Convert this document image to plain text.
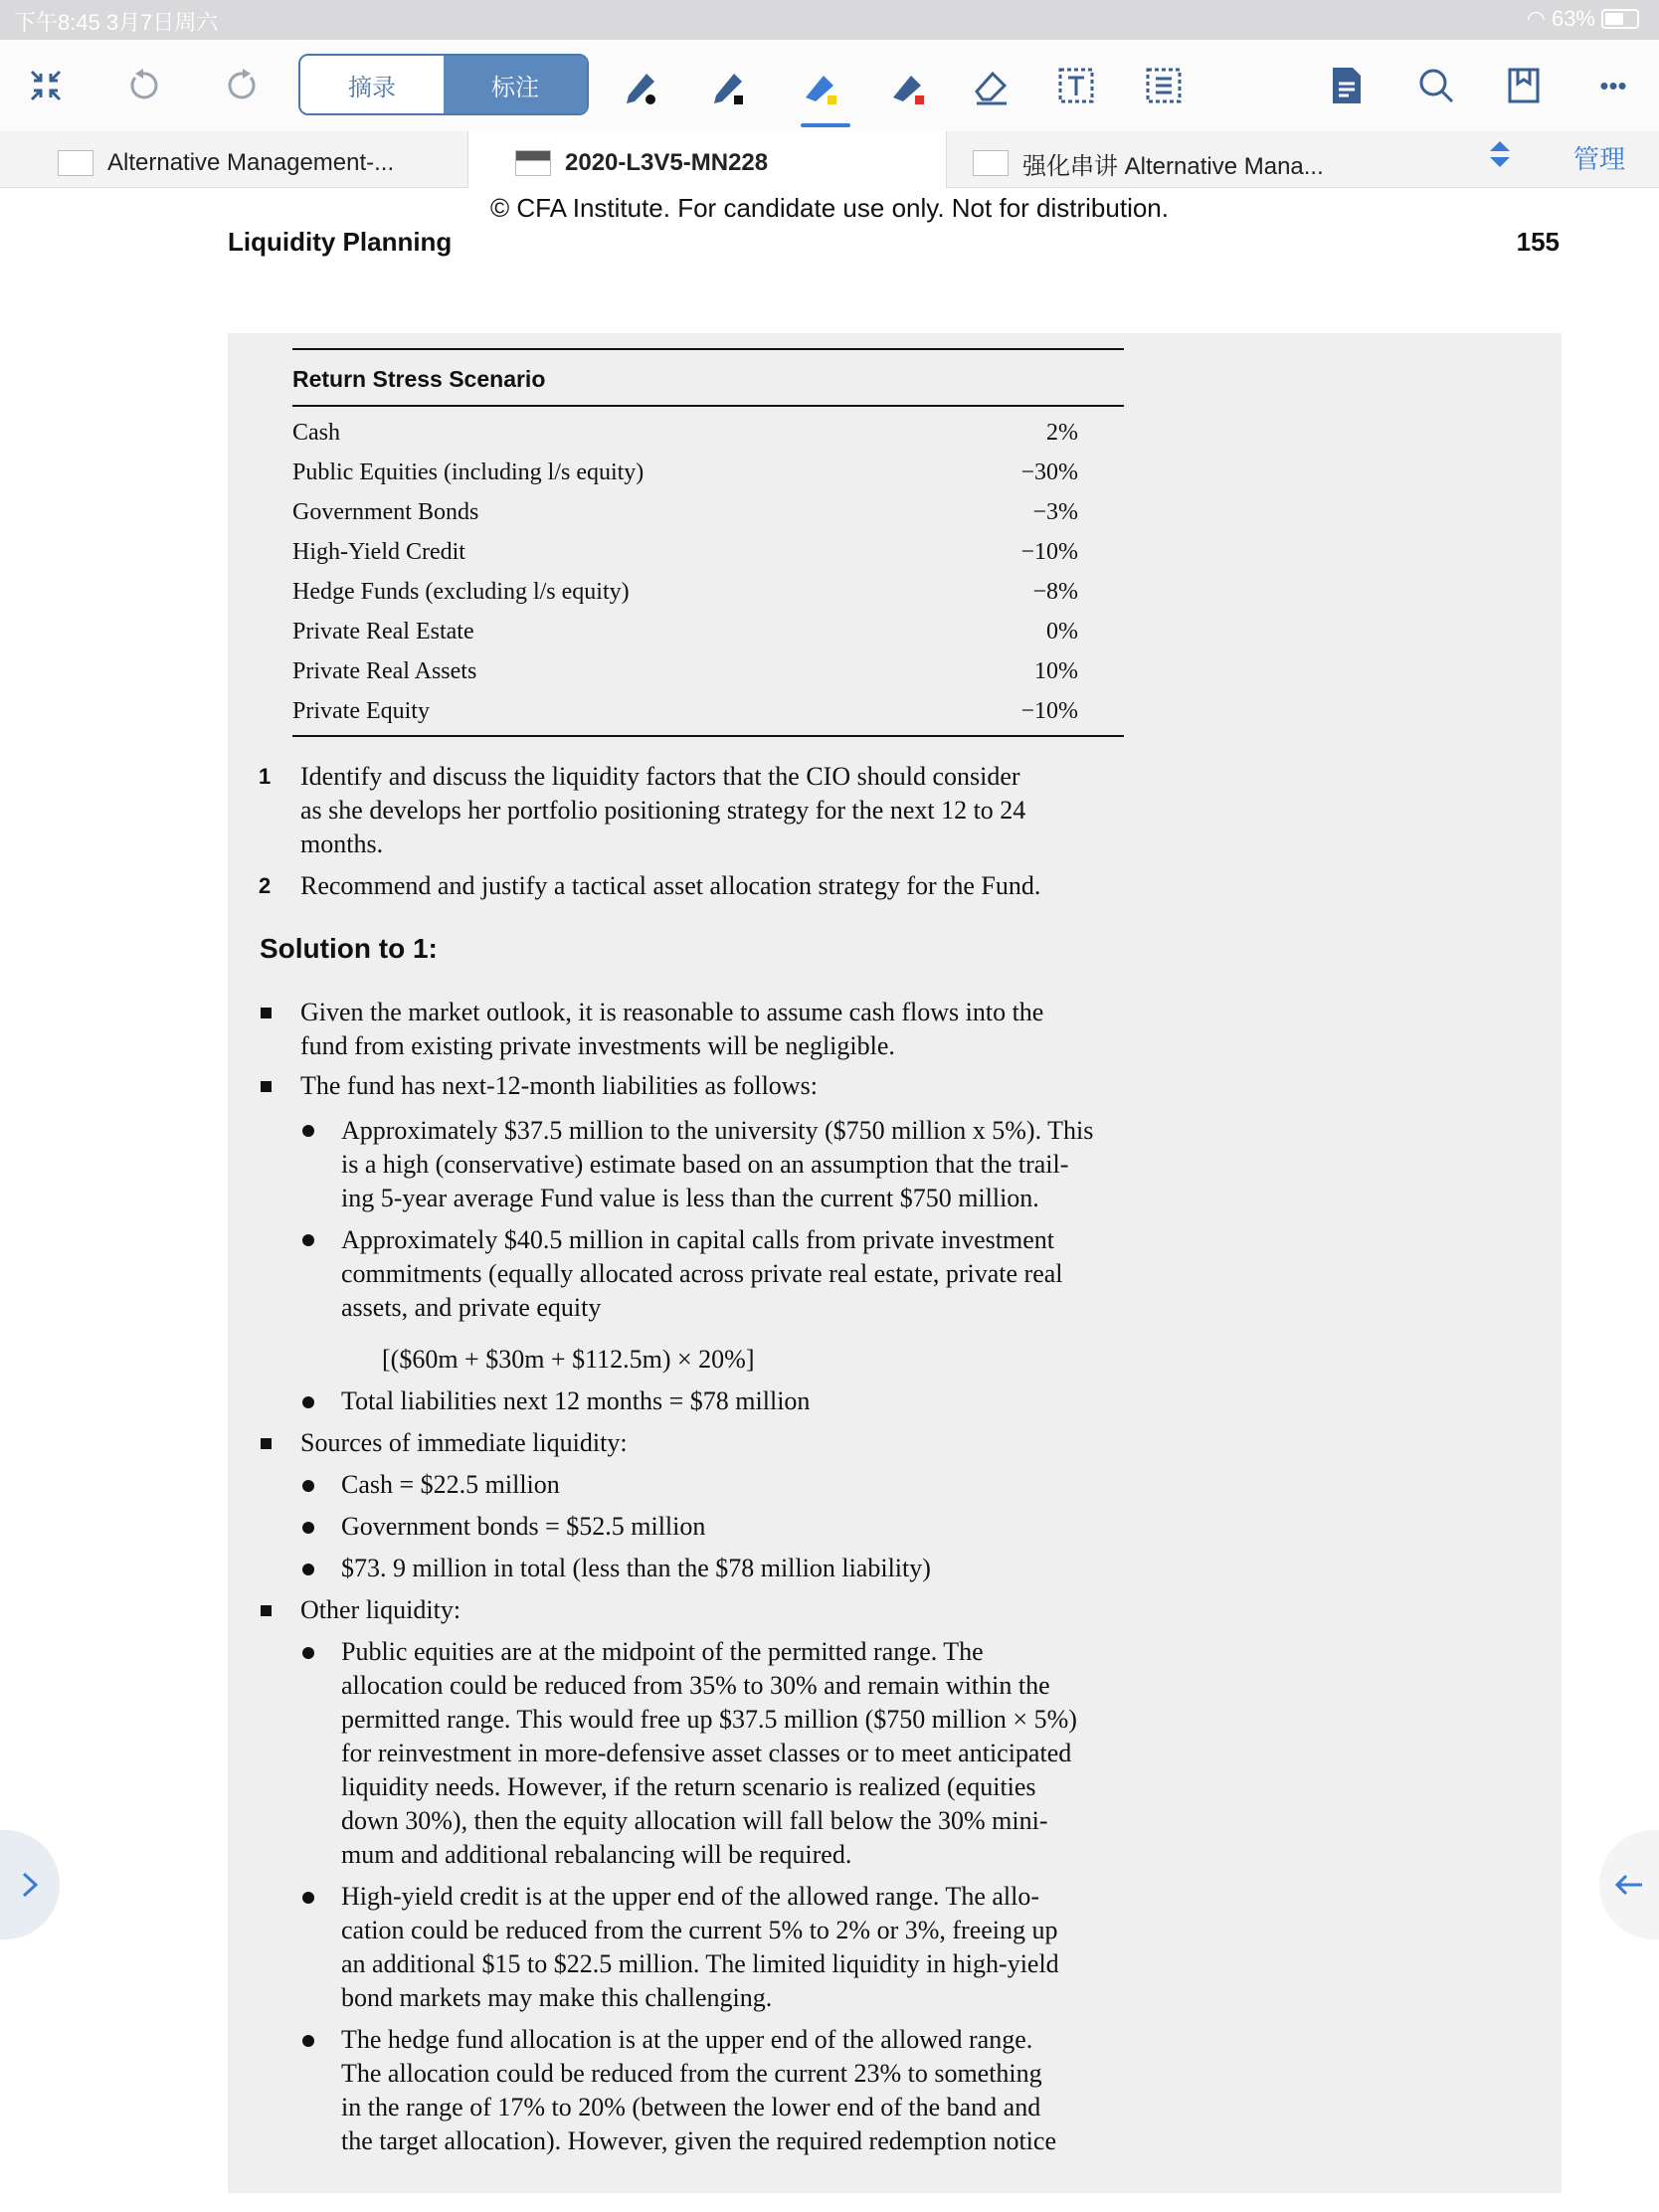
下午8:45 3月7日周六	◠ 63%
摘录	标注	•••
Alternative Management-...	2020-L3V5-MN228	强化串讲 Alternative Mana...	管理
© CFA Institute. For candidate use only. Not for distribution.
Liquidity Planning	155
Return Stress Scenario
Cash	2%
Public Equities (including l/s equity)	−30%
Government Bonds	−3%
High-Yield Credit	−10%
Hedge Funds (excluding l/s equity)	−8%
Private Real Estate	0%
Private Real Assets	10%
Private Equity	−10%
1 Identify and discuss the liquidity factors that the CIO should consider
as she develops her portfolio positioning strategy for the next 12 to 24
months.
2 Recommend and justify a tactical asset allocation strategy for the Fund.
Solution to 1:
Given the market outlook, it is reasonable to assume cash flows into the
fund from existing private investments will be negligible.
The fund has next-12-month liabilities as follows:
Approximately $37.5 million to the university ($750 million x 5%). This
is a high (conservative) estimate based on an assumption that the trail-
ing 5-year average Fund value is less than the current $750 million.
Approximately $40.5 million in capital calls from private investment
commitments (equally allocated across private real estate, private real
assets, and private equity
[($60m + $30m + $112.5m) × 20%]
Total liabilities next 12 months = $78 million
Sources of immediate liquidity:
Cash = $22.5 million
Government bonds = $52.5 million
$73. 9 million in total (less than the $78 million liability)
Other liquidity:
Public equities are at the midpoint of the permitted range. The
allocation could be reduced from 35% to 30% and remain within the
permitted range. This would free up $37.5 million ($750 million × 5%)
for reinvestment in more-defensive asset classes or to meet anticipated
liquidity needs. However, if the return scenario is realized (equities
down 30%), then the equity allocation will fall below the 30% mini-
mum and additional rebalancing will be required.
High-yield credit is at the upper end of the allowed range. The allo-
cation could be reduced from the current 5% to 2% or 3%, freeing up
an additional $15 to $22.5 million. The limited liquidity in high-yield
bond markets may make this challenging.
The hedge fund allocation is at the upper end of the allowed range.
The allocation could be reduced from the current 23% to something
in the range of 17% to 20% (between the lower end of the band and
the target allocation). However, given the required redemption notice
